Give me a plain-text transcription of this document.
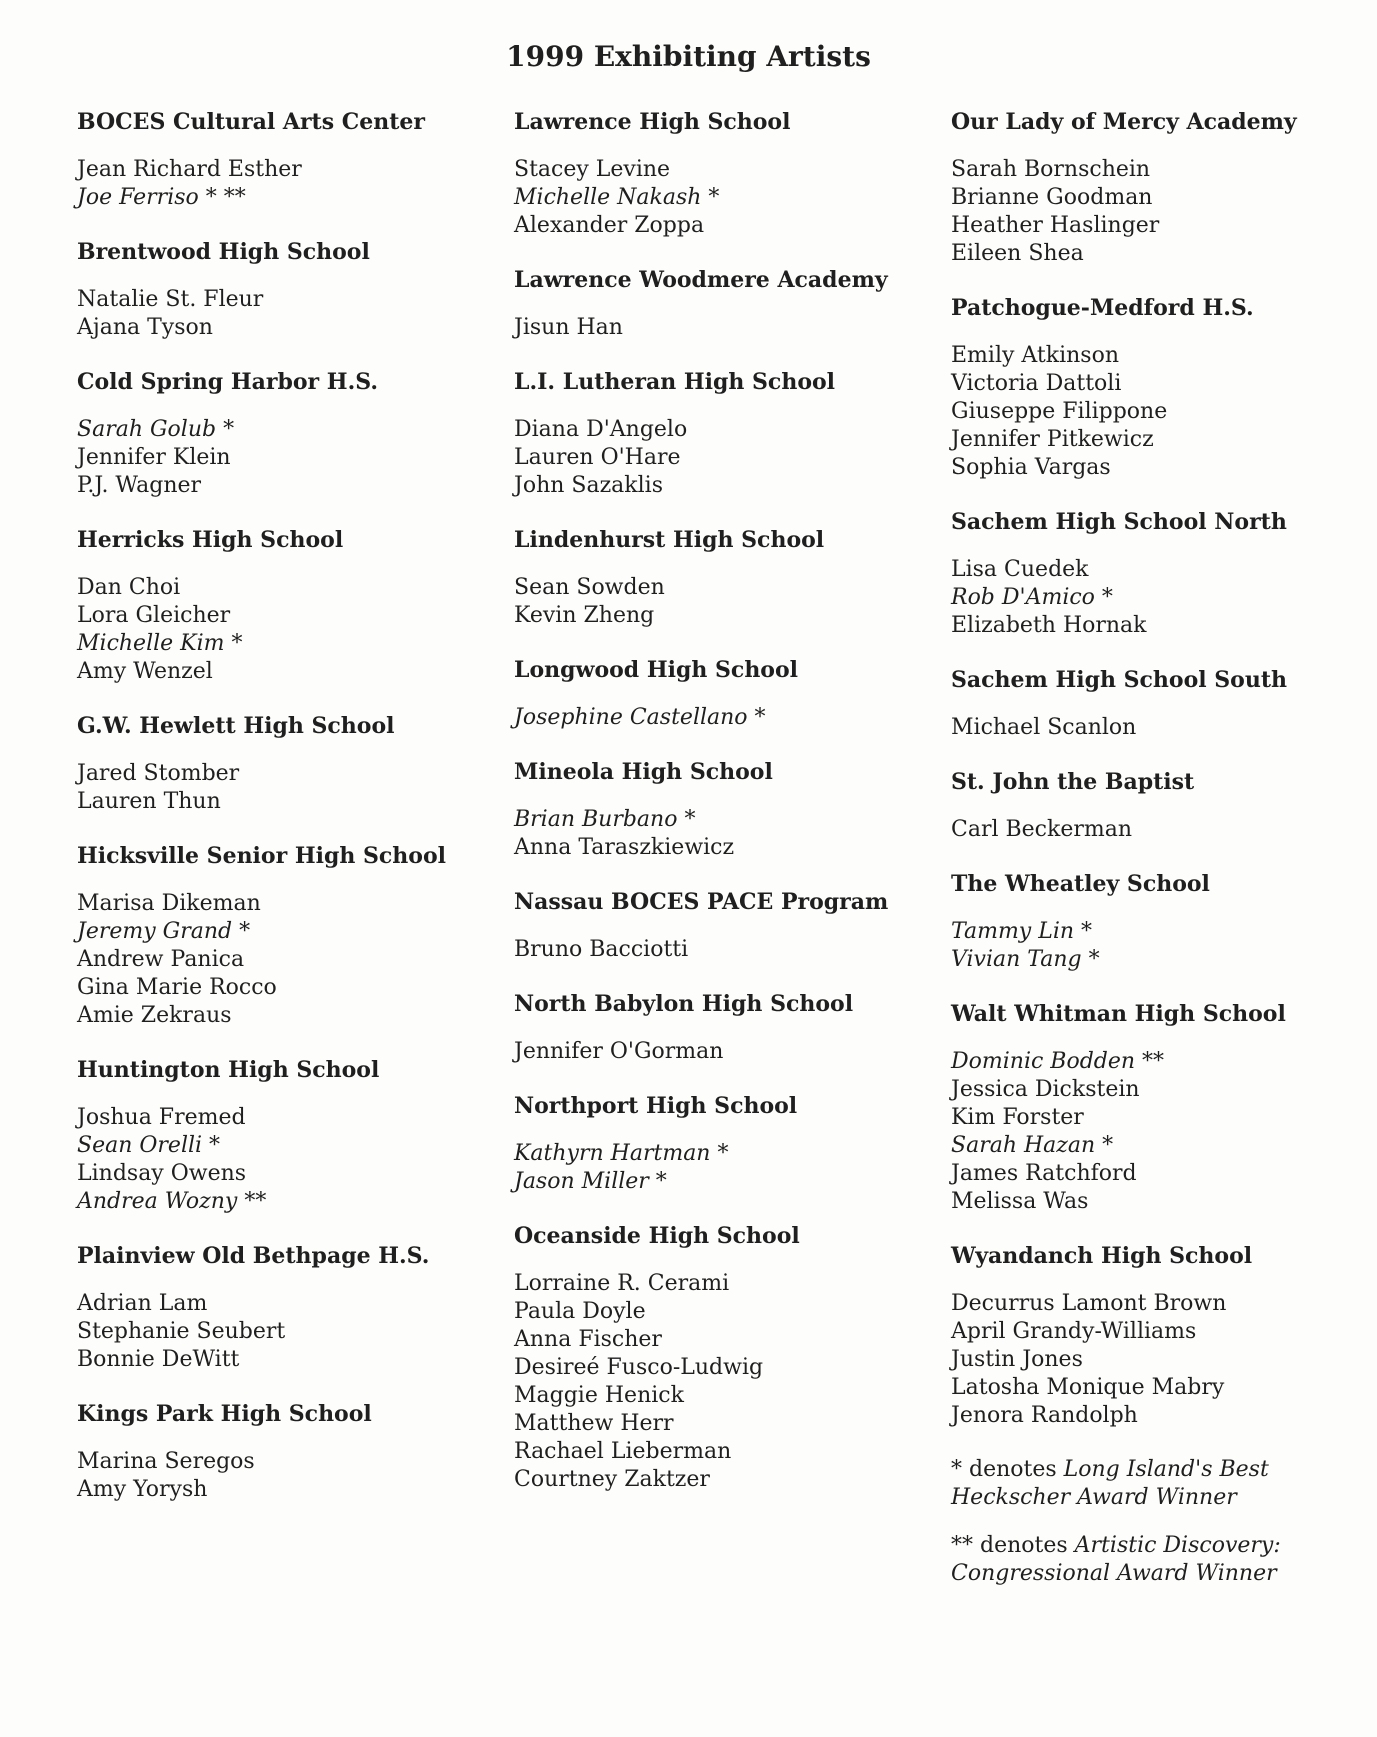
1999 Exhibiting Artists
BOCES Cultural Arts Center
Jean Richard Esther
Joe Ferriso * **
Brentwood High School
Natalie St. Fleur
Ajana Tyson
Cold Spring Harbor H.S.
Sarah Golub *
Jennifer Klein
P.J. Wagner
Herricks High School
Dan Choi
Lora Gleicher
Michelle Kim *
Amy Wenzel
G.W. Hewlett High School
Jared Stomber
Lauren Thun
Hicksville Senior High School
Marisa Dikeman
Jeremy Grand *
Andrew Panica
Gina Marie Rocco
Amie Zekraus
Huntington High School
Joshua Fremed
Sean Orelli *
Lindsay Owens
Andrea Wozny **
Plainview Old Bethpage H.S.
Adrian Lam
Stephanie Seubert
Bonnie DeWitt
Kings Park High School
Marina Seregos
Amy Yorysh
Lawrence High School
Stacey Levine
Michelle Nakash *
Alexander Zoppa
Lawrence Woodmere Academy
Jisun Han
L.I. Lutheran High School
Diana D'Angelo
Lauren O'Hare
John Sazaklis
Lindenhurst High School
Sean Sowden
Kevin Zheng
Longwood High School
Josephine Castellano *
Mineola High School
Brian Burbano *
Anna Taraszkiewicz
Nassau BOCES PACE Program
Bruno Bacciotti
North Babylon High School
Jennifer O'Gorman
Northport High School
Kathyrn Hartman *
Jason Miller *
Oceanside High School
Lorraine R. Cerami
Paula Doyle
Anna Fischer
Desireé Fusco-Ludwig
Maggie Henick
Matthew Herr
Rachael Lieberman
Courtney Zaktzer
Our Lady of Mercy Academy
Sarah Bornschein
Brianne Goodman
Heather Haslinger
Eileen Shea
Patchogue-Medford H.S.
Emily Atkinson
Victoria Dattoli
Giuseppe Filippone
Jennifer Pitkewicz
Sophia Vargas
Sachem High School North
Lisa Cuedek
Rob D'Amico *
Elizabeth Hornak
Sachem High School South
Michael Scanlon
St. John the Baptist
Carl Beckerman
The Wheatley School
Tammy Lin *
Vivian Tang *
Walt Whitman High School
Dominic Bodden **
Jessica Dickstein
Kim Forster
Sarah Hazan *
James Ratchford
Melissa Was
Wyandanch High School
Decurrus Lamont Brown
April Grandy-Williams
Justin Jones
Latosha Monique Mabry
Jenora Randolph
* denotes Long Island's Best Heckscher Award Winner
** denotes Artistic Discovery: Congressional Award Winner
